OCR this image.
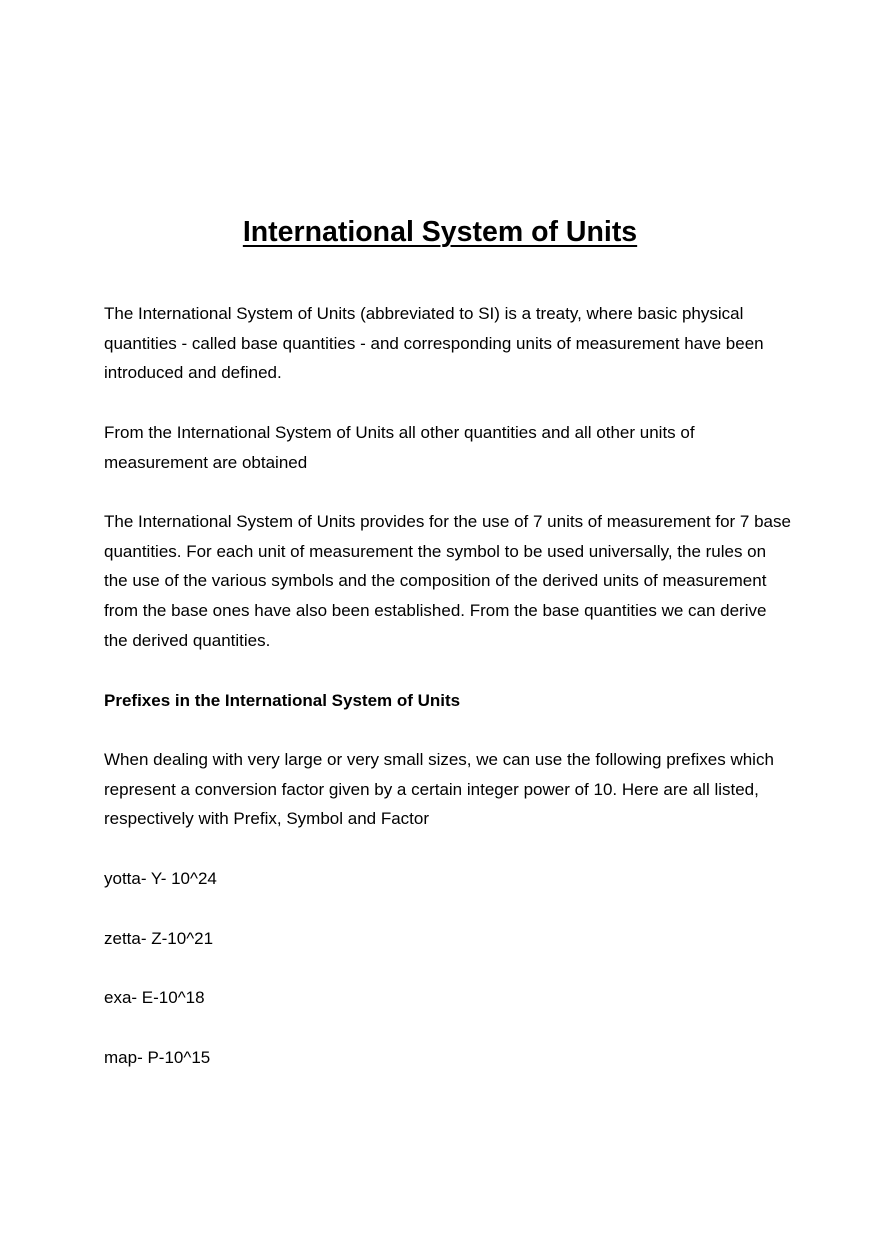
International System of Units

The International System of Units (abbreviated to SI) is a treaty, where basic physical quantities - called base quantities - and corresponding units of measurement have been introduced and defined.

From the International System of Units all other quantities and all other units of measurement are obtained

The International System of Units provides for the use of 7 units of measurement for 7 base quantities. For each unit of measurement the symbol to be used universally, the rules on the use of the various symbols and the composition of the derived units of measurement from the base ones have also been established. From the base quantities we can derive the derived quantities.

Prefixes in the International System of Units

When dealing with very large or very small sizes, we can use the following prefixes which represent a conversion factor given by a certain integer power of 10. Here are all listed, respectively with Prefix, Symbol and Factor

yotta- Y- 10^24

zetta- Z-10^21

exa- E-10^18

map- P-10^15
